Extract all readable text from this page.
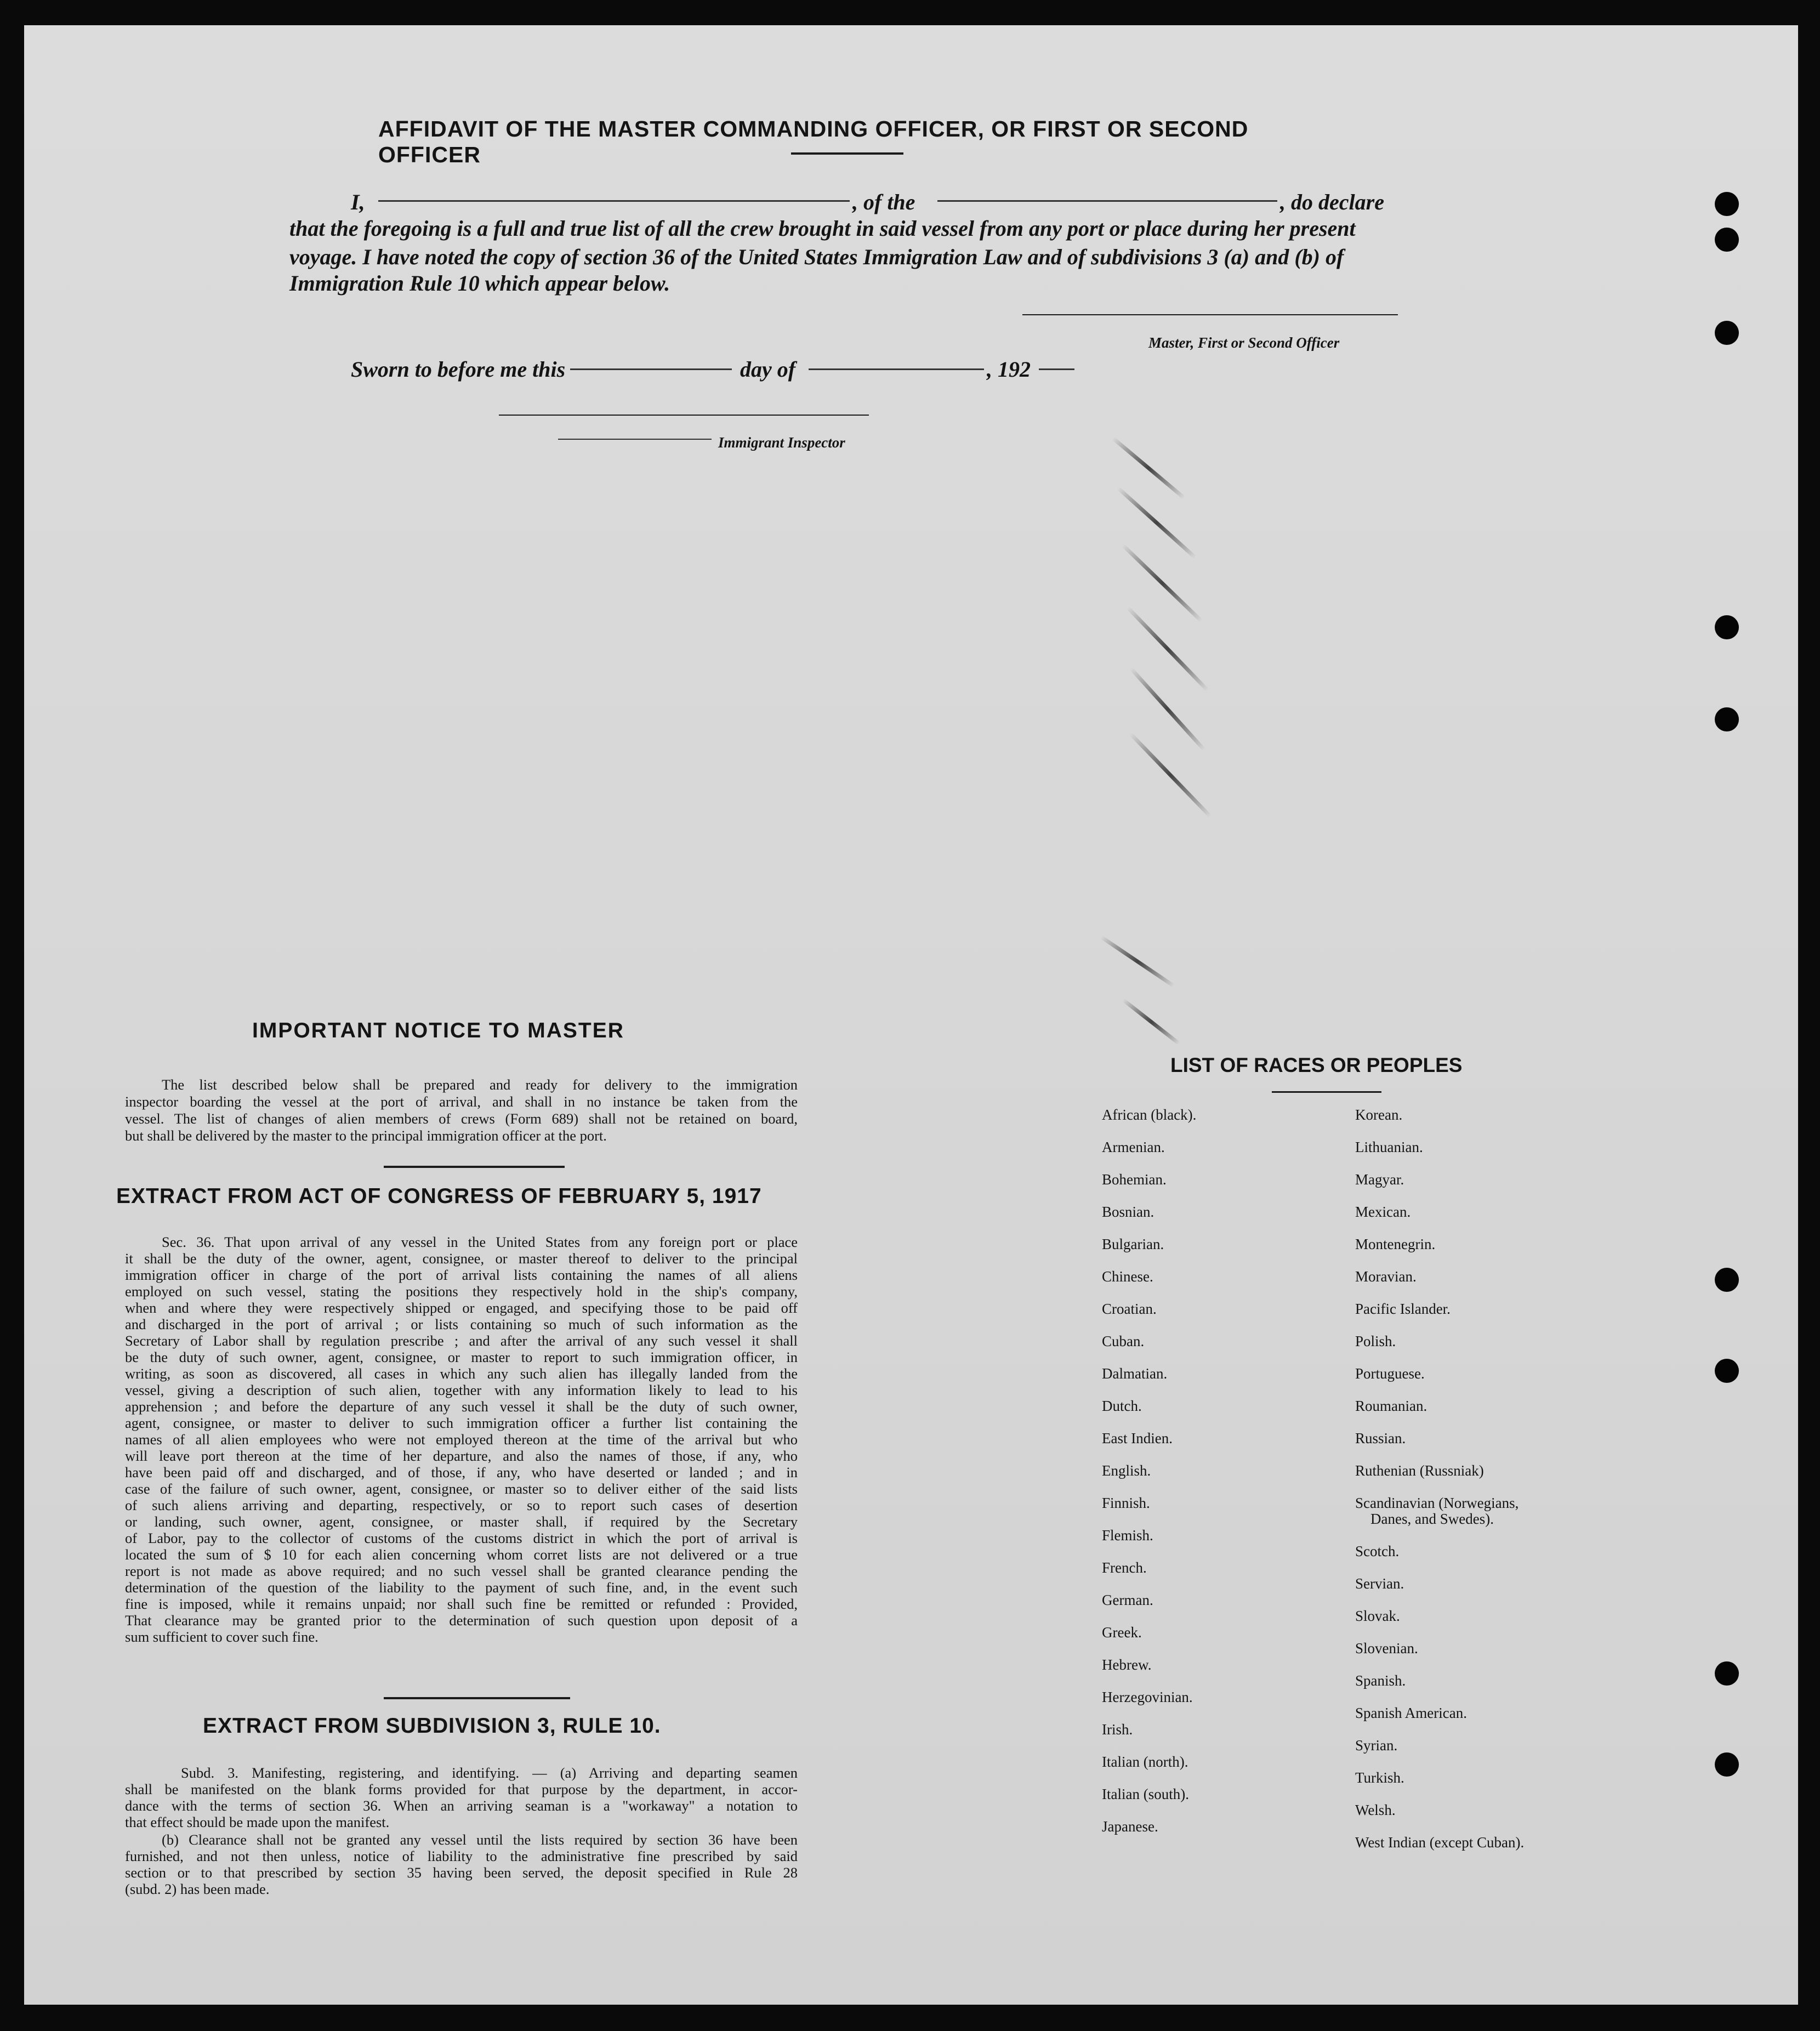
AFFIDAVIT OF THE MASTER COMMANDING OFFICER, OR FIRST OR SECOND OFFICER
I,	, of the	, do declare
that the foregoing is a full and true list of all the crew brought in said vessel from any port or place during her present
voyage. I have noted the copy of section 36 of the United States Immigration Law and of subdivisions 3 (a) and (b) of
Immigration Rule 10 which appear below.
Master, First or Second Officer
Sworn to before me this	day of	, 192
Immigrant Inspector
IMPORTANT NOTICE TO MASTER
The list described below shall be prepared and ready for delivery to the immigration
inspector boarding the vessel at the port of arrival, and shall in no instance be taken from the
vessel. The list of changes of alien members of crews (Form 689) shall not be retained on board,
but shall be delivered by the master to the principal immigration officer at the port.
EXTRACT FROM ACT OF CONGRESS OF FEBRUARY 5, 1917
Sec. 36. That upon arrival of any vessel in the United States from any foreign port or place
it shall be the duty of the owner, agent, consignee, or master thereof to deliver to the principal
immigration officer in charge of the port of arrival lists containing the names of all aliens
employed on such vessel, stating the positions they respectively hold in the ship's company,
when and where they were respectively shipped or engaged, and specifying those to be paid off
and discharged in the port of arrival ; or lists containing so much of such information as the
Secretary of Labor shall by regulation prescribe ; and after the arrival of any such vessel it shall
be the duty of such owner, agent, consignee, or master to report to such immigration officer, in
writing, as soon as discovered, all cases in which any such alien has illegally landed from the
vessel, giving a description of such alien, together with any information likely to lead to his
apprehension ; and before the departure of any such vessel it shall be the duty of such owner,
agent, consignee, or master to deliver to such immigration officer a further list containing the
names of all alien employees who were not employed thereon at the time of the arrival but who
will leave port thereon at the time of her departure, and also the names of those, if any, who
have been paid off and discharged, and of those, if any, who have deserted or landed ; and in
case of the failure of such owner, agent, consignee, or master so to deliver either of the said lists
of such aliens arriving and departing, respectively, or so to report such cases of desertion
or landing, such owner, agent, consignee, or master shall, if required by the Secretary
of Labor, pay to the collector of customs of the customs district in which the port of arrival is
located the sum of $ 10 for each alien concerning whom corret lists are not delivered or a true
report is not made as above required; and no such vessel shall be granted clearance pending the
determination of the question of the liability to the payment of such fine, and, in the event such
fine is imposed, while it remains unpaid; nor shall such fine be remitted or refunded : Provided,
That clearance may be granted prior to the determination of such question upon deposit of a
sum sufficient to cover such fine.
EXTRACT FROM SUBDIVISION 3, RULE 10.
Subd. 3. Manifesting, registering, and identifying. — (a) Arriving and departing seamen
shall be manifested on the blank forms provided for that purpose by the department, in accor-
dance with the terms of section 36. When an arriving seaman is a "workaway" a notation to
that effect should be made upon the manifest.
(b) Clearance shall not be granted any vessel until the lists required by section 36 have been
furnished, and not then unless, notice of liability to the administrative fine prescribed by said
section or to that prescribed by section 35 having been served, the deposit specified in Rule 28
(subd. 2) has been made.
LIST OF RACES OR PEOPLES
African (black).
Armenian.
Bohemian.
Bosnian.
Bulgarian.
Chinese.
Croatian.
Cuban.
Dalmatian.
Dutch.
East Indien.
English.
Finnish.
Flemish.
French.
German.
Greek.
Hebrew.
Herzegovinian.
Irish.
Italian (north).
Italian (south).
Japanese.
Korean.
Lithuanian.
Magyar.
Mexican.
Montenegrin.
Moravian.
Pacific Islander.
Polish.
Portuguese.
Roumanian.
Russian.
Ruthenian (Russniak)
Scandinavian (Norwegians,
Danes, and Swedes).
Scotch.
Servian.
Slovak.
Slovenian.
Spanish.
Spanish American.
Syrian.
Turkish.
Welsh.
West Indian (except Cuban).
